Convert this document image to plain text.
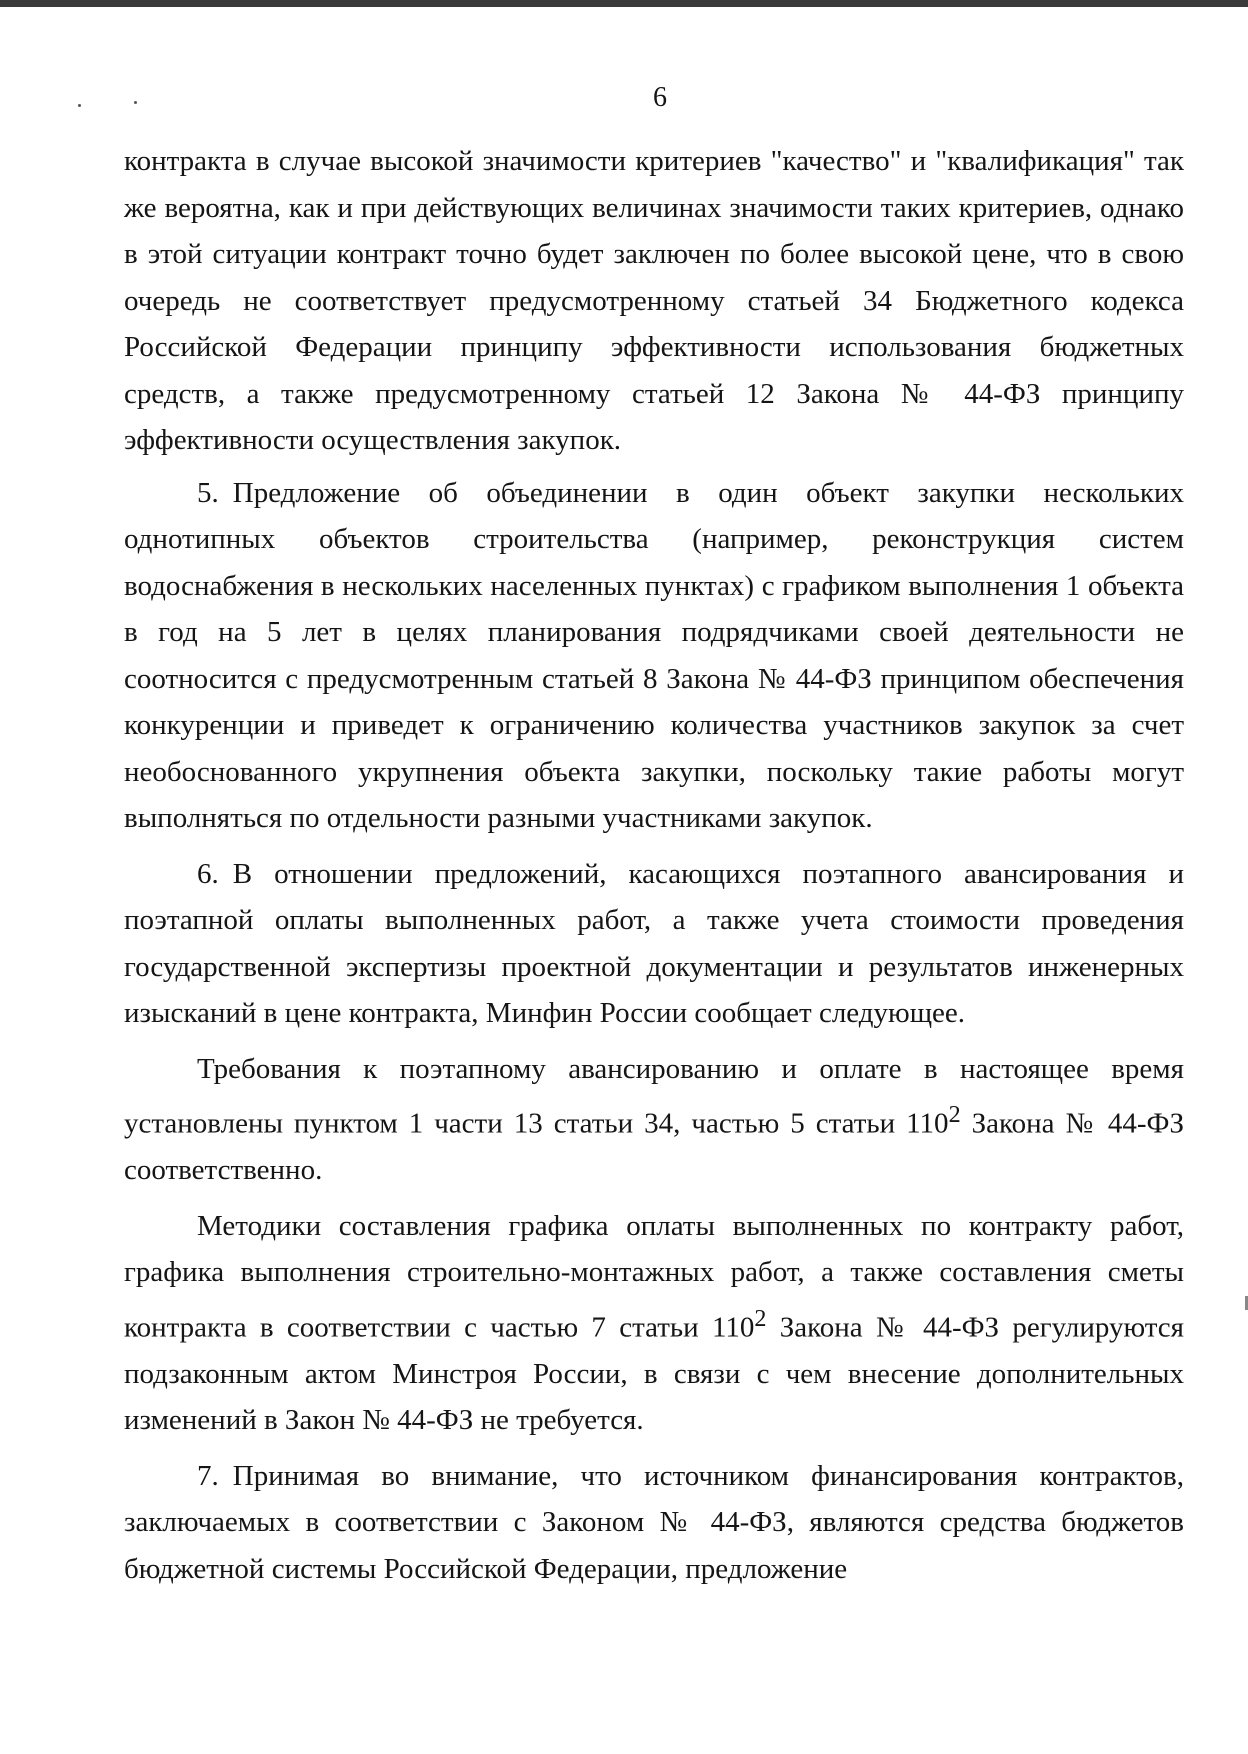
6

контракта в случае высокой значимости критериев "качество" и "квалификация" так же вероятна, как и при действующих величинах значимости таких критериев, однако в этой ситуации контракт точно будет заключен по более высокой цене, что в свою очередь не соответствует предусмотренному статьей 34 Бюджетного кодекса Российской Федерации принципу эффективности использования бюджетных средств, а также предусмотренному статьей 12 Закона № 44-ФЗ принципу эффективности осуществления закупок.

5. Предложение об объединении в один объект закупки нескольких однотипных объектов строительства (например, реконструкция систем водоснабжения в нескольких населенных пунктах) с графиком выполнения 1 объекта в год на 5 лет в целях планирования подрядчиками своей деятельности не соотносится с предусмотренным статьей 8 Закона № 44-ФЗ принципом обеспечения конкуренции и приведет к ограничению количества участников закупок за счет необоснованного укрупнения объекта закупки, поскольку такие работы могут выполняться по отдельности разными участниками закупок.

6. В отношении предложений, касающихся поэтапного авансирования и поэтапной оплаты выполненных работ, а также учета стоимости проведения государственной экспертизы проектной документации и результатов инженерных изысканий в цене контракта, Минфин России сообщает следующее.

Требования к поэтапному авансированию и оплате в настоящее время установлены пунктом 1 части 13 статьи 34, частью 5 статьи $110^2$ Закона № 44-ФЗ соответственно.

Методики составления графика оплаты выполненных по контракту работ, графика выполнения строительно-монтажных работ, а также составления сметы контракта в соответствии с частью 7 статьи $110^2$ Закона № 44-ФЗ регулируются подзаконным актом Минстроя России, в связи с чем внесение дополнительных изменений в Закон № 44-ФЗ не требуется.

7. Принимая во внимание, что источником финансирования контрактов, заключаемых в соответствии с Законом № 44-ФЗ, являются средства бюджетов бюджетной системы Российской Федерации, предложение
